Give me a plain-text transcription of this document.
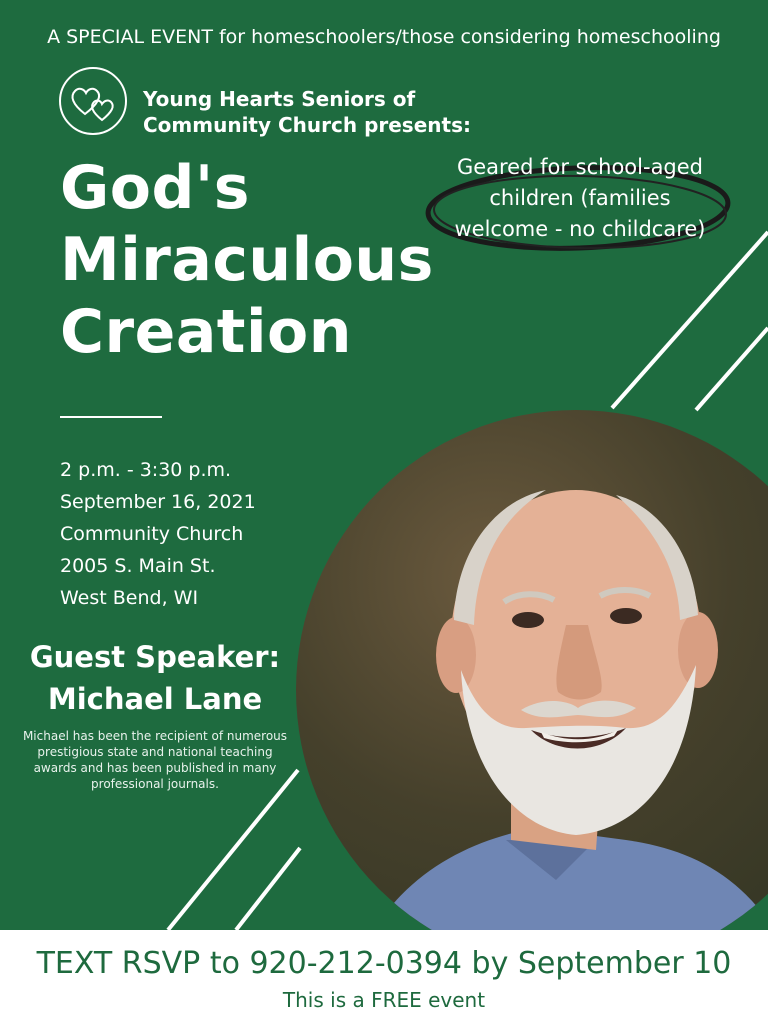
A SPECIAL EVENT for homeschoolers/those considering homeschooling
Young Hearts Seniors of
Community Church presents:
God's
Miraculous
Creation
Geared for school-aged
children (families
welcome - no childcare)
2 p.m. - 3:30 p.m.
September 16, 2021
Community Church
2005 S. Main St.
West Bend, WI
Guest Speaker:
Michael Lane
Michael has been the recipient of numerous prestigious state and national teaching awards and has been published in many professional journals.
TEXT RSVP to 920-212-0394 by September 10
This is a FREE event
